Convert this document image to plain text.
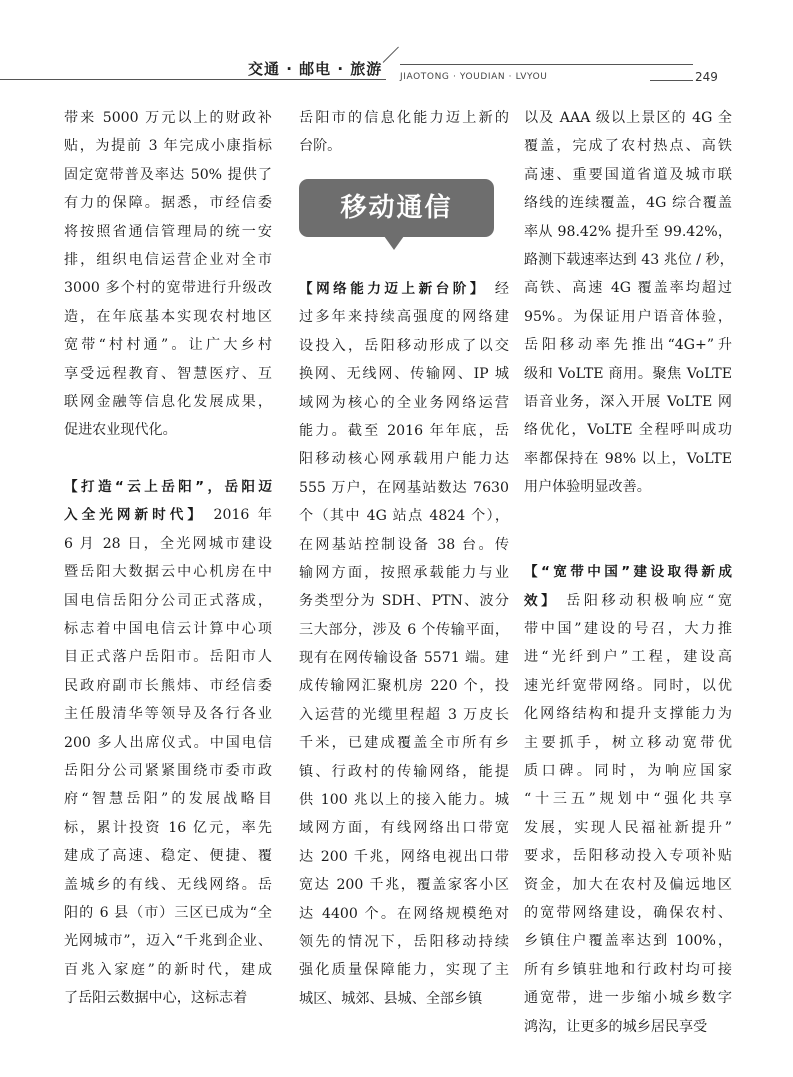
交通 · 邮电 · 旅游 JIAOTONG · YOUDIAN · LVYOU	249
带来 5000 万元以上的财政补
贴，为提前 3 年完成小康指标
固定宽带普及率达 50% 提供了
有力的保障。据悉，市经信委
将按照省通信管理局的统一安
排，组织电信运营企业对全市
3000 多个村的宽带进行升级改
造，在年底基本实现农村地区
宽带“村村通”。让广大乡村
享受远程教育、智慧医疗、互
联网金融等信息化发展成果，
促进农业现代化。
【打造“云上岳阳”，岳阳迈
入全光网新时代】 2016 年
6 月 28 日，全光网城市建设
暨岳阳大数据云中心机房在中
国电信岳阳分公司正式落成，
标志着中国电信云计算中心项
目正式落户岳阳市。岳阳市人
民政府副市长熊炜、市经信委
主任殷清华等领导及各行各业
200 多人出席仪式。中国电信
岳阳分公司紧紧围绕市委市政
府“智慧岳阳”的发展战略目
标，累计投资 16 亿元，率先
建成了高速、稳定、便捷、覆
盖城乡的有线、无线网络。岳
阳的 6 县（市）三区已成为“全
光网城市”，迈入“千兆到企业、
百兆入家庭”的新时代，建成
了岳阳云数据中心，这标志着
岳阳市的信息化能力迈上新的
台阶。
移动通信
【网络能力迈上新台阶】 经
过多年来持续高强度的网络建
设投入，岳阳移动形成了以交
换网、无线网、传输网、IP 城
域网为核心的全业务网络运营
能力。截至 2016 年年底，岳
阳移动核心网承载用户能力达
555 万户，在网基站数达 7630
个（其中 4G 站点 4824 个），
在网基站控制设备 38 台。传
输网方面，按照承载能力与业
务类型分为 SDH、PTN、波分
三大部分，涉及 6 个传输平面，
现有在网传输设备 5571 端。建
成传输网汇聚机房 220 个，投
入运营的光缆里程超 3 万皮长
千米，已建成覆盖全市所有乡
镇、行政村的传输网络，能提
供 100 兆以上的接入能力。城
域网方面，有线网络出口带宽
达 200 千兆，网络电视出口带
宽达 200 千兆，覆盖家客小区
达 4400 个。在网络规模绝对
领先的情况下，岳阳移动持续
强化质量保障能力，实现了主
城区、城郊、县城、全部乡镇
以及 AAA 级以上景区的 4G 全
覆盖，完成了农村热点、高铁
高速、重要国道省道及城市联
络线的连续覆盖，4G 综合覆盖
率从 98.42% 提升至 99.42%，
路测下载速率达到 43 兆位 / 秒，
高铁、高速 4G 覆盖率均超过
95%。为保证用户语音体验，
岳阳移动率先推出“4G+”升
级和 VoLTE 商用。聚焦 VoLTE
语音业务，深入开展 VoLTE 网
络优化，VoLTE 全程呼叫成功
率都保持在 98% 以上，VoLTE
用户体验明显改善。
【“宽带中国”建设取得新成
效】 岳阳移动积极响应“宽
带中国”建设的号召，大力推
进“光纤到户”工程，建设高
速光纤宽带网络。同时，以优
化网络结构和提升支撑能力为
主要抓手，树立移动宽带优
质口碑。同时，为响应国家
“十三五”规划中“强化共享
发展，实现人民福祉新提升”
要求，岳阳移动投入专项补贴
资金，加大在农村及偏远地区
的宽带网络建设，确保农村、
乡镇住户覆盖率达到 100%，
所有乡镇驻地和行政村均可接
通宽带，进一步缩小城乡数字
鸿沟，让更多的城乡居民享受
